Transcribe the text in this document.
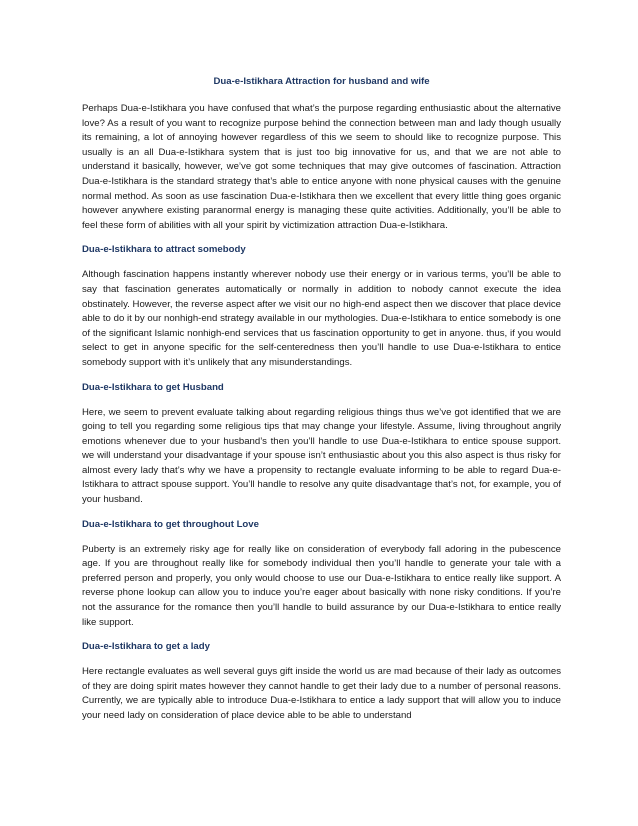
Dua-e-Istikhara Attraction for husband and wife

Perhaps Dua-e-Istikhara you have confused that what’s the purpose regarding enthusiastic about the alternative love? As a result of you want to recognize purpose behind the connection between man and lady though usually its remaining, a lot of annoying however regardless of this we seem to should like to recognize purpose. This usually is an all Dua-e-Istikhara system that is just too big innovative for us, and that we are not able to understand it basically, however, we’ve got some techniques that may give outcomes of fascination. Attraction Dua-e-Istikhara is the standard strategy that’s able to entice anyone with none physical causes with the genuine normal method. As soon as use fascination Dua-e-Istikhara then we excellent that every little thing goes organic however anywhere existing paranormal energy is managing these quite activities. Additionally, you’ll be able to feel these form of abilities with all your spirit by victimization attraction Dua-e-Istikhara.

Dua-e-Istikhara to attract somebody

Although fascination happens instantly wherever nobody use their energy or in various terms, you’ll be able to say that fascination generates automatically or normally in addition to nobody cannot execute the idea obstinately. However, the reverse aspect after we visit our no high-end aspect then we discover that place device able to do it by our nonhigh-end strategy available in our mythologies. Dua-e-Istikhara to entice somebody is one of the significant Islamic nonhigh-end services that us fascination opportunity to get in anyone. thus, if you would select to get in anyone specific for the self-centeredness then you’ll handle to use Dua-e-Istikhara to entice somebody support with it’s unlikely that any misunderstandings.

Dua-e-Istikhara to get Husband

Here, we seem to prevent evaluate talking about regarding religious things thus we’ve got identified that we are going to tell you regarding some religious tips that may change your lifestyle. Assume, living throughout angrily emotions whenever due to your husband’s then you’ll handle to use Dua-e-Istikhara to entice spouse support. we will understand your disadvantage if your spouse isn’t enthusiastic about you this also aspect is thus risky for almost every lady that’s why we have a propensity to rectangle evaluate informing to be able to regard Dua-e-Istikhara to attract spouse support. You’ll handle to resolve any quite disadvantage that’s not, for example, you of your husband.

Dua-e-Istikhara to get throughout Love

Puberty is an extremely risky age for really like on consideration of everybody fall adoring in the pubescence age. If you are throughout really like for somebody individual then you’ll handle to generate your tale with a preferred person and properly, you only would choose to use our Dua-e-Istikhara to entice really like support. A reverse phone lookup can allow you to induce you’re eager about basically with none risky conditions. If you’re not the assurance for the romance then you’ll handle to build assurance by our Dua-e-Istikhara to entice really like support.

Dua-e-Istikhara to get a lady

Here rectangle evaluates as well several guys gift inside the world us are mad because of their lady as outcomes of they are doing spirit mates however they cannot handle to get their lady due to a number of personal reasons. Currently, we are typically able to introduce Dua-e-Istikhara to entice a lady support that will allow you to induce your need lady on consideration of place device able to be able to understand
